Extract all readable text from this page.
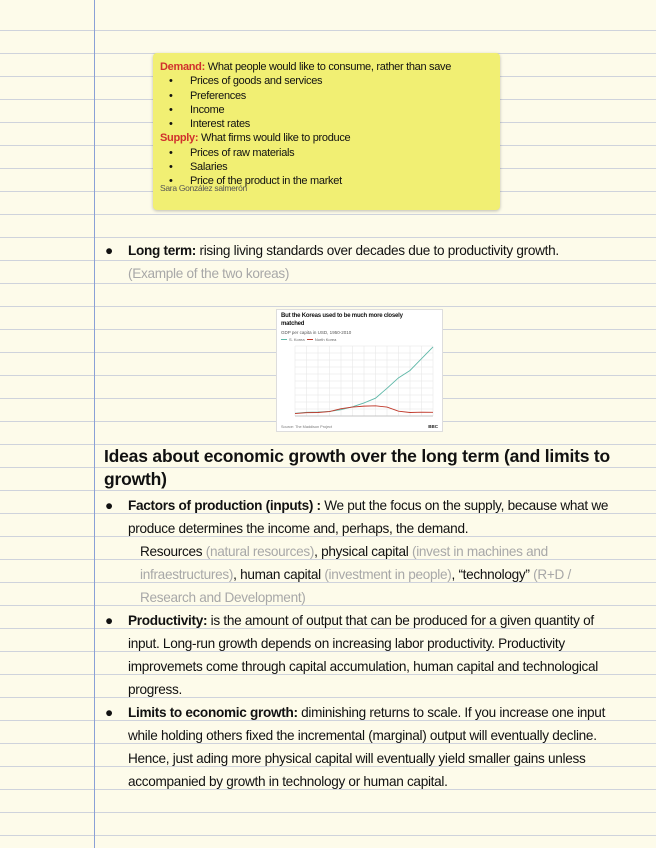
Demand: What people would like to consume, rather than save
• Prices of goods and services
• Preferences
• Income
• Interest rates
Supply: What firms would like to produce
• Prices of raw materials
• Salaries
• Price of the product in the market
Sara González salmerón
● Long term: rising living standards over decades due to productivity growth.
(Example of the two koreas)
But the Koreas used to be much more closely matched
GDP per capita in USD, 1950-2010
S. Korea	North Korea
Source: The Maddison Project	BBC
Ideas about economic growth over the long term (and limits to growth)
● Factors of production (inputs) : We put the focus on the supply, because what we produce determines the income and, perhaps, the demand.
Resources (natural resources), physical capital (invest in machines and infraestructures), human capital (investment in people), “technology” (R+D / Research and Development)
● Productivity: is the amount of output that can be produced for a given quantity of input. Long-run growth depends on increasing labor productivity. Productivity improvemets come through capital accumulation, human capital and technological progress.
● Limits to economic growth: diminishing returns to scale. If you increase one input while holding others fixed the incremental (marginal) output will eventually decline. Hence, just ading more physical capital will eventually yield smaller gains unless accompanied by growth in technology or human capital.
